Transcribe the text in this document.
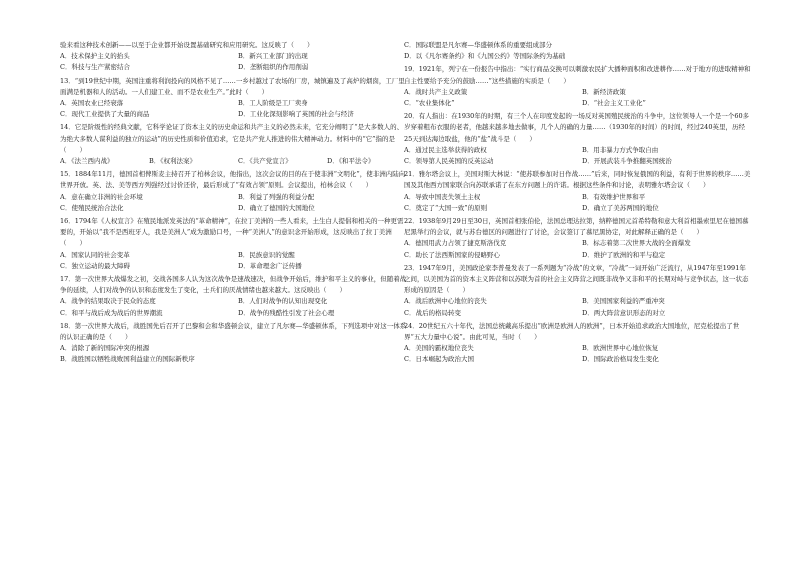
验来看这种技术创新——以至于企业都开始设置基础研究和应用研究。这反映了（　　）
A．技术保护主义的抬头	B．新兴工业部门的出现
C．科技与生产紧密结合	D．垄断组织的作用削弱
13．“到19世纪中期，英国注重将利润投向的风格不见了……一乡村越过了农场的厂房，城镇遍及了高炉的烟囱，工厂里面满是机器和人的活动。一人们建工业、而不是农业生产。”此时（　　）
A．英国农业已经衰落	B．工人阶级是工厂卖身
C．现代工业提供了大量的商品	D．工业化深刻影响了英国的社会与经济
14．它是阶级性的经典文献，它科学论证了资本主义的历史命运和共产主义的必然未来，它充分阐明了“是大多数人的、为绝大多数人谋利益的独立的运动”的历史性质和价值追求，它是共产党人推进的伟大精神动力。材料中的“它”指的是（　　）
A．《法兰西内战》	B．《权利法案》	C．《共产党宣言》	D．《和平法令》
15．1884年11月，德国首相俾斯麦主持召开了柏林会议，他指出，这次会议的目的在于使非洲“文明化”，使非洲内陆向世界开放。英、法、美等西方列强经过讨价还价，最后形成了“有效占领”原则。会议提出，柏林会议（　　）
A．意在确立非洲的社会环境	B．利益了列强的利益分配
C．使殖民统治合法化	D．确立了德国的大国地位
16．1794年《人权宣言》在殖民地派发英法的“革命精神”，在拉丁美洲的一些人看来，土生白人提倡和相关的一种更需要的，开始以“我不是西班牙人，我是美洲人”成为激励口号，一种“美洲人”的意识念开始形成，这反映出了拉丁美洲（　　）
A．国家认同的社会变革	B．民族意识的觉醒
C．独立运动的最大障碍	D．革命理念广泛传播
17．第一次世界大战爆发之初，交战各国多人认为这次战争是速战速决，但战争开始后，维护和平主义的事业，但随着战争的延续，人们对战争的认识和态度发生了变化，士兵们的厌战情绪也越来越大。这反映出（　　）
A．战争的结果取决于民众的态度	B．人们对战争的认知出现变化
C．和平与战后成为战后的世界潮流	D．战争的残酷性引发了社会心理
18．第一次世界大战后，战胜国先后召开了巴黎和会和华盛顿会议，建立了凡尔赛—华盛顿体系，下列选项中对这一体系的认识正确的是（　　）
A．消除了新的国际冲突的根源
B．战胜国以牺牲战败国利益建立的国际新秩序
C．国际联盟是凡尔赛—华盛顿体系的重要组成部分
D．以《凡尔赛条约》和《九国公约》等国际条约为基础
19．1921年，列宁在一份报告中指出：“实行商品交换可以刺激农民扩大播种面积和改进耕作……对于地方的进取精神和自主性要给予充分的鼓励……”这些措施的实质是（　　）
A．战时共产主义政策	B．新经济政策
C．“农业集体化”	D．“社会主义工业化”
20．有人指出：在1930年的时期，有三个人在印度发起的一场反对英国殖民统治的斗争中，这位领导人一个是一个60多岁穿着粗布衣服的老者，他越来越多地去做事，几个人的确的力量……（1930年的时间）的时间，经过240英里，历经25天到达海边取盐，他的“盐”战斗是（　　）
A．通过民主选举获得的政权	B．用非暴力方式争取自由
C．领导第人民英国的反英运动	D．开展武装斗争推翻英国统治
21．雅尔塔会议上，美国对斯大林说：“使苏联参加对日作战……”后来，同时恢复俄国的利益，有利于世界的秩序……美国及其他西方国家联合向苏联承诺了在东方问题上的许诺。根据这些条件和讨论，表明雅尔塔会议（　　）
A．导致中国丧失领土主权	B．有效维护世界和平
C．奠定了“大国一致”的原则	D．确立了美苏两国的地位
22．1938年9月29日至30日，英国首相张伯伦，法国总理达拉第，纳粹德国元首希特勒和意大利首相墨索里尼在德国慕尼黑举行的会议，就与苏台德区的问题进行了讨论，会议签订了慕尼黑协定，对此解释正确的是（　　）
A．德国用武力占领了捷克斯洛伐克	B．标志着第二次世界大战的全面爆发
C．助长了法西斯国家的侵略野心	D．维护了欧洲的和平与稳定
23．1947年9月，美国政论家李普曼发表了一系列题为“冷战”的文章，“冷战”一词开始广泛流行，从1947年至1991年之间，以美国为首的资本主义阵营和以苏联为首的社会主义阵营之间既非战争又非和平的长期对峙与竞争状态，这一状态形成的原因是（　　）
A．战后欧洲中心地位的丧失	B．美国国家利益的严重冲突
C．战后的格局转变	D．两大阵营意识形态的对立
24．20世纪五六十年代，法国总统戴高乐提出“欧洲是欧洲人的欧洲”，日本开始追求政治大国地位，尼克松提出了世界“五大力量中心说”。由此可见，当时（　　）
A．美国的霸权地位丧失	B．欧洲世界中心地位恢复
C．日本崛起为政治大国	D．国际政治格局发生变化
